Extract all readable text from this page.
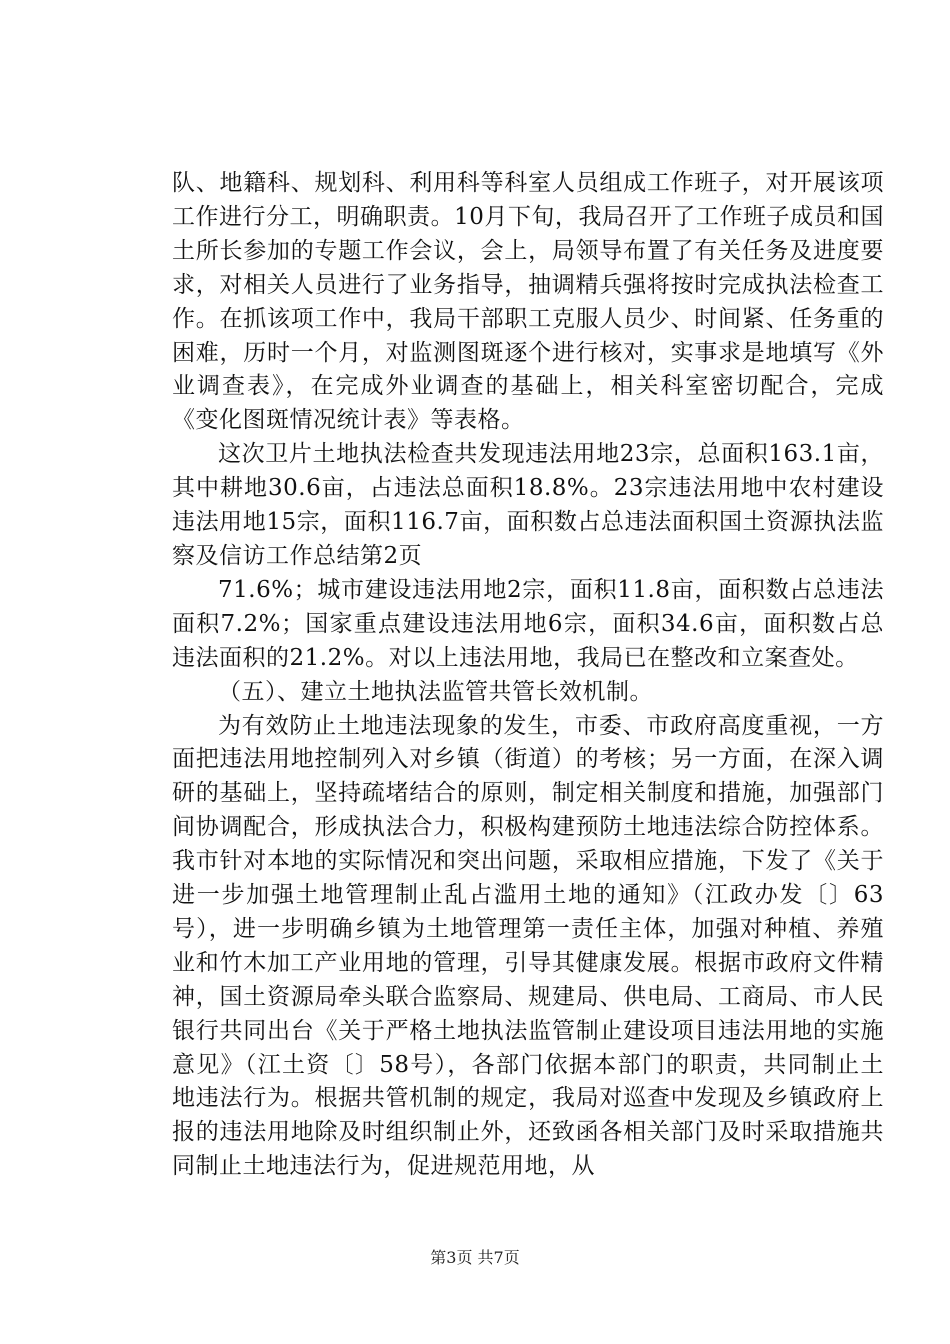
队、地籍科、规划科、利用科等科室人员组成工作班子，对开展该项工作进行分工，明确职责。10月下旬，我局召开了工作班子成员和国土所长参加的专题工作会议，会上，局领导布置了有关任务及进度要求，对相关人员进行了业务指导，抽调精兵强将按时完成执法检查工作。在抓该项工作中，我局干部职工克服人员少、时间紧、任务重的困难，历时一个月，对监测图斑逐个进行核对，实事求是地填写《外业调查表》，在完成外业调查的基础上，相关科室密切配合，完成《变化图斑情况统计表》等表格。

这次卫片土地执法检查共发现违法用地23宗，总面积163.1亩，其中耕地30.6亩，占违法总面积18.8%。23宗违法用地中农村建设违法用地15宗，面积116.7亩，面积数占总违法面积国土资源执法监察及信访工作总结第2页

71.6%；城市建设违法用地2宗，面积11.8亩，面积数占总违法面积7.2%；国家重点建设违法用地6宗，面积34.6亩，面积数占总违法面积的21.2%。对以上违法用地，我局已在整改和立案查处。

（五）、建立土地执法监管共管长效机制。

为有效防止土地违法现象的发生，市委、市政府高度重视，一方面把违法用地控制列入对乡镇（街道）的考核；另一方面，在深入调研的基础上，坚持疏堵结合的原则，制定相关制度和措施，加强部门间协调配合，形成执法合力，积极构建预防土地违法综合防控体系。我市针对本地的实际情况和突出问题，采取相应措施，下发了《关于进一步加强土地管理制止乱占滥用土地的通知》（江政办发〔〕63号），进一步明确乡镇为土地管理第一责任主体，加强对种植、养殖业和竹木加工产业用地的管理，引导其健康发展。根据市政府文件精神，国土资源局牵头联合监察局、规建局、供电局、工商局、市人民银行共同出台《关于严格土地执法监管制止建设项目违法用地的实施意见》（江土资〔〕58号），各部门依据本部门的职责，共同制止土地违法行为。根据共管机制的规定，我局对巡查中发现及乡镇政府上报的违法用地除及时组织制止外，还致函各相关部门及时采取措施共同制止土地违法行为，促进规范用地，从

第3页 共7页
